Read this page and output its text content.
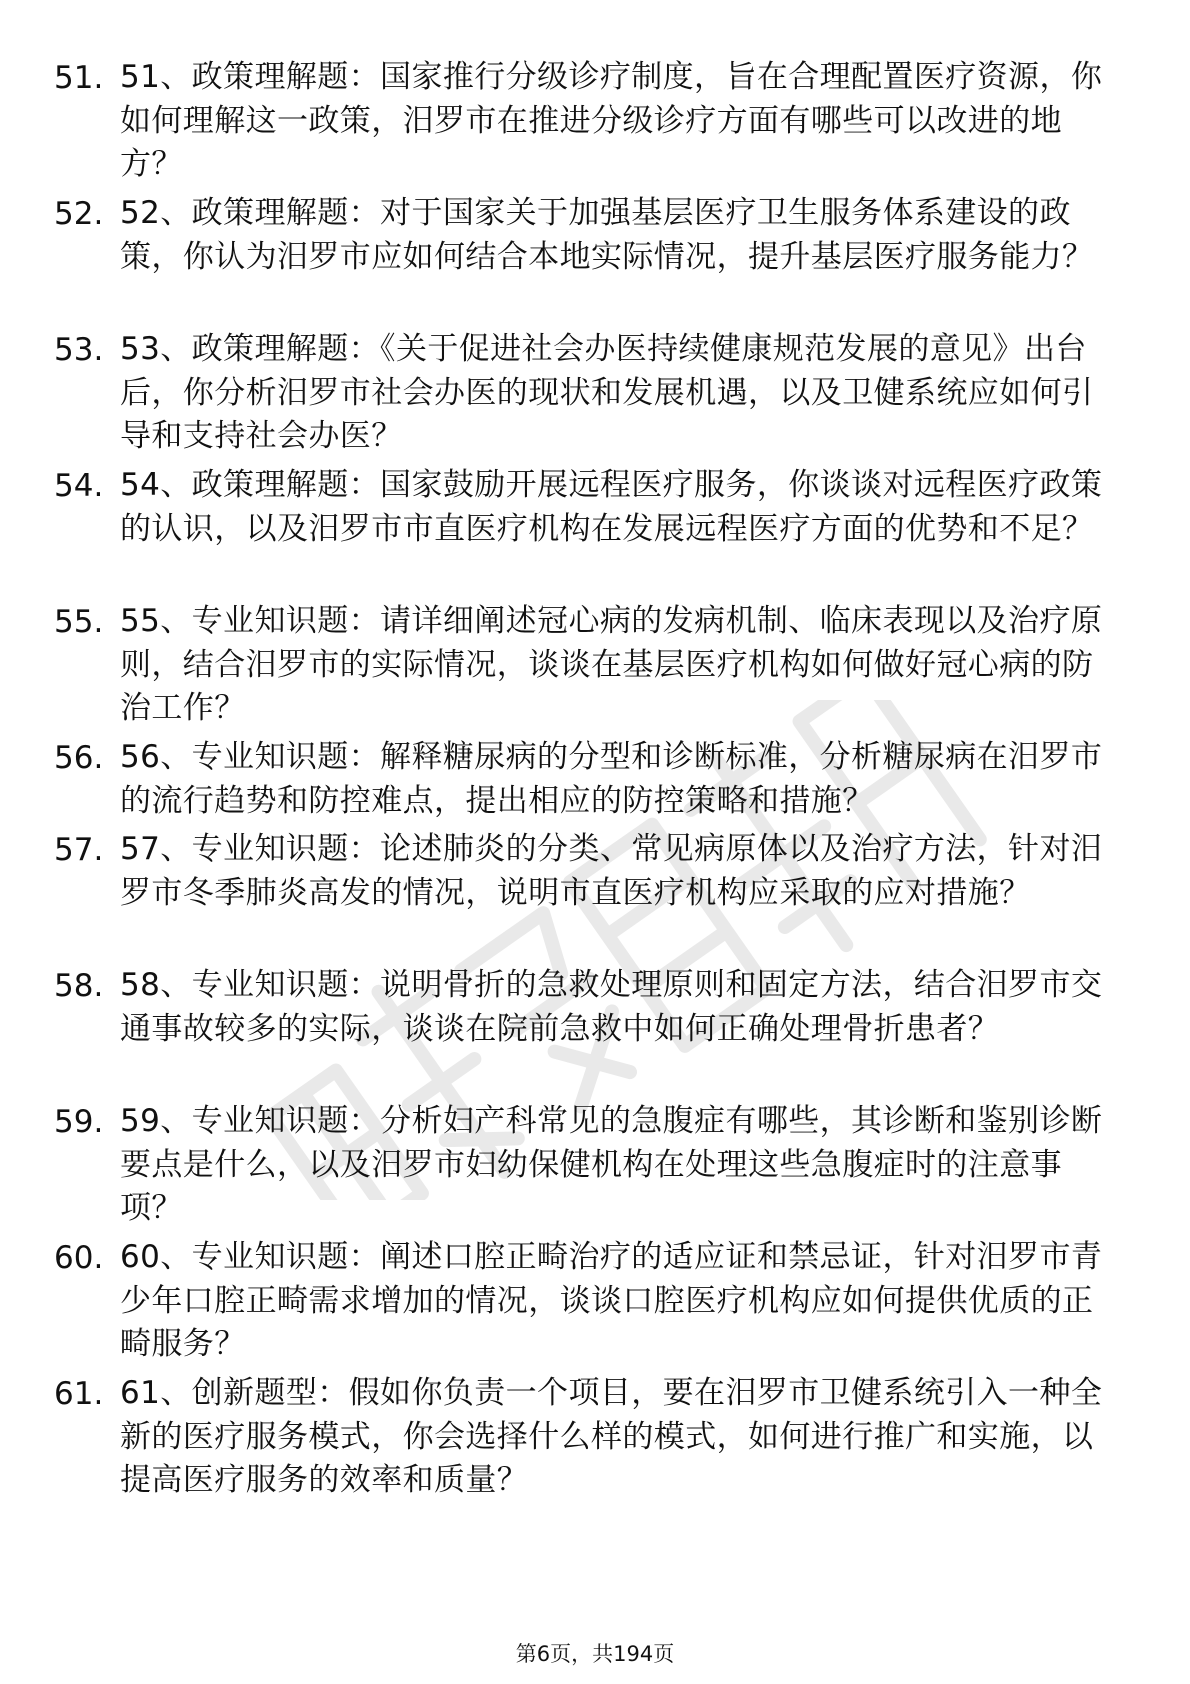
51. 51、政策理解题：国家推行分级诊疗制度，旨在合理配置医疗资源，你如何理解这一政策，汨罗市在推进分级诊疗方面有哪些可以改进的地方？
52. 52、政策理解题：对于国家关于加强基层医疗卫生服务体系建设的政策，你认为汨罗市应如何结合本地实际情况，提升基层医疗服务能力？
53. 53、政策理解题：《关于促进社会办医持续健康规范发展的意见》出台后，你分析汨罗市社会办医的现状和发展机遇，以及卫健系统应如何引导和支持社会办医？
54. 54、政策理解题：国家鼓励开展远程医疗服务，你谈谈对远程医疗政策的认识，以及汨罗市市直医疗机构在发展远程医疗方面的优势和不足？
55. 55、专业知识题：请详细阐述冠心病的发病机制、临床表现以及治疗原则，结合汨罗市的实际情况，谈谈在基层医疗机构如何做好冠心病的防治工作？
56. 56、专业知识题：解释糖尿病的分型和诊断标准，分析糖尿病在汨罗市的流行趋势和防控难点，提出相应的防控策略和措施？
57. 57、专业知识题：论述肺炎的分类、常见病原体以及治疗方法，针对汨罗市冬季肺炎高发的情况，说明市直医疗机构应采取的应对措施？
58. 58、专业知识题：说明骨折的急救处理原则和固定方法，结合汨罗市交通事故较多的实际，谈谈在院前急救中如何正确处理骨折患者？
59. 59、专业知识题：分析妇产科常见的急腹症有哪些，其诊断和鉴别诊断要点是什么，以及汨罗市妇幼保健机构在处理这些急腹症时的注意事项？
60. 60、专业知识题：阐述口腔正畸治疗的适应证和禁忌证，针对汨罗市青少年口腔正畸需求增加的情况，谈谈口腔医疗机构应如何提供优质的正畸服务？
61. 61、创新题型：假如你负责一个项目，要在汨罗市卫健系统引入一种全新的医疗服务模式，你会选择什么样的模式，如何进行推广和实施，以提高医疗服务的效率和质量？
第6页，共194页
